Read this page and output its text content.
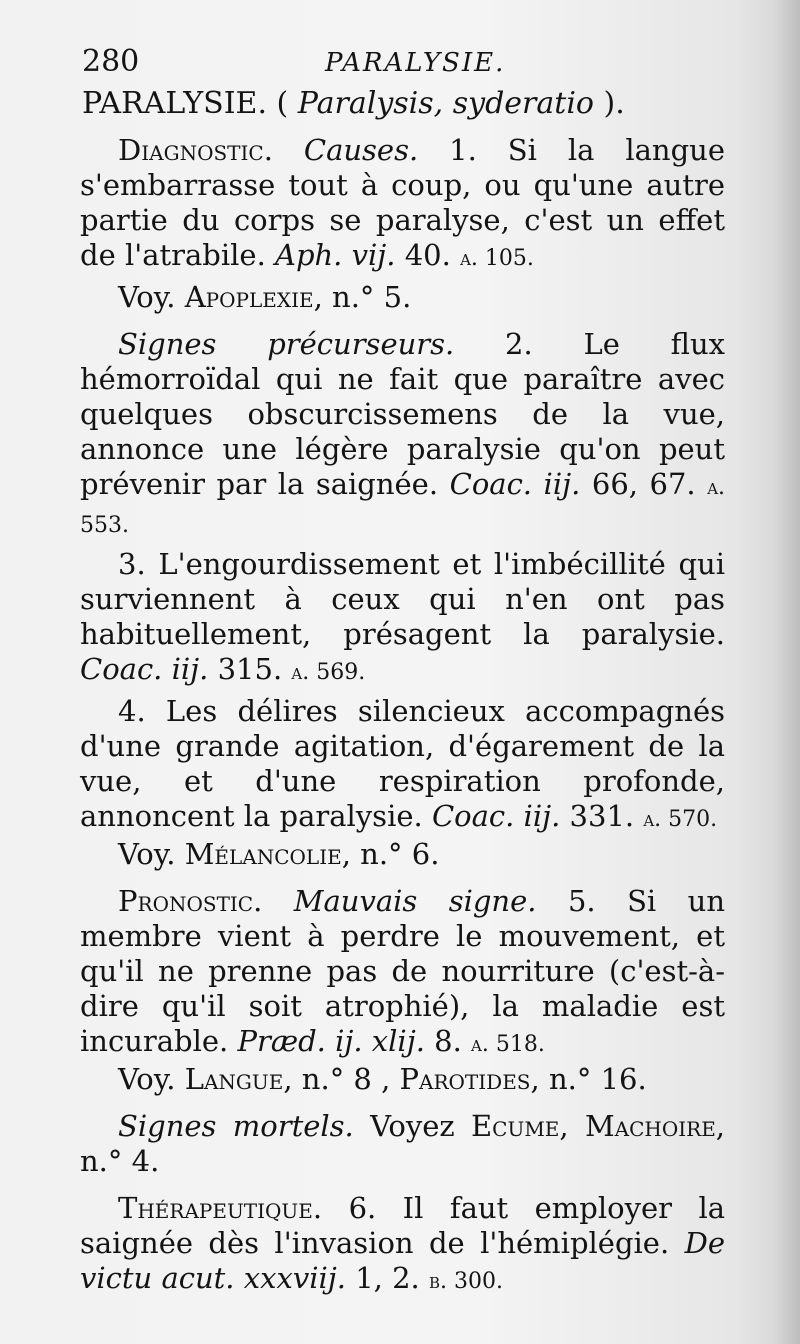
280	PARALYSIE.

PARALYSIE. ( Paralysis, syderatio ).

Diagnostic. Causes. 1. Si la langue s'embarrasse tout à coup, ou qu'une autre partie du corps se paralyse, c'est un effet de l'atrabile. Aph. vij. 40. a. 105.

Voy. Apoplexie, n.° 5.

Signes précurseurs. 2. Le flux hémorroïdal qui ne fait que paraître avec quelques obscurcissemens de la vue, annonce une légère paralysie qu'on peut prévenir par la saignée. Coac. iij. 66, 67. a. 553.

3. L'engourdissement et l'imbécillité qui surviennent à ceux qui n'en ont pas habituellement, présagent la paralysie. Coac. iij. 315. a. 569.

4. Les délires silencieux accompagnés d'une grande agitation, d'égarement de la vue, et d'une respiration profonde, annoncent la paralysie. Coac. iij. 331. a. 570.

Voy. Mélancolie, n.° 6.

Pronostic. Mauvais signe. 5. Si un membre vient à perdre le mouvement, et qu'il ne prenne pas de nourriture (c'est-à-dire qu'il soit atrophié), la maladie est incurable. Præd. ij. xlij. 8. a. 518.

Voy. Langue, n.° 8 , Parotides, n.° 16.

Signes mortels. Voyez Ecume, Machoire, n.° 4.

Thérapeutique. 6. Il faut employer la saignée dès l'invasion de l'hémiplégie. De victu acut. xxxviij. 1, 2. b. 300.
